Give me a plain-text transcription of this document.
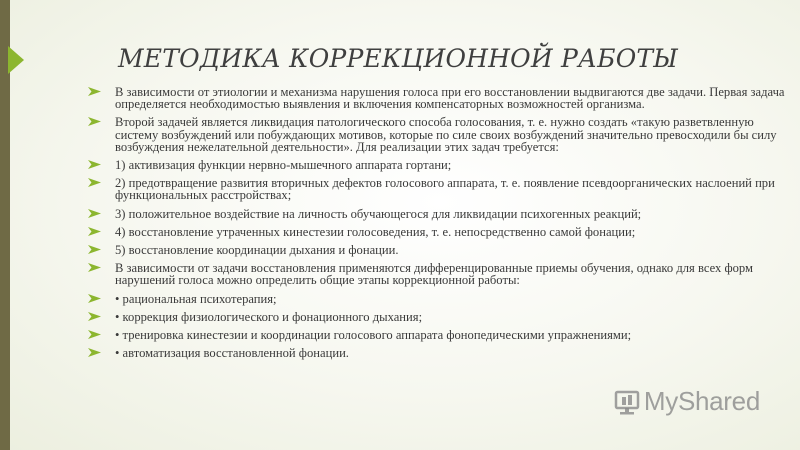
МЕТОДИКА КОРРЕКЦИОННОЙ РАБОТЫ
В зависимости от этиологии и механизма нарушения голоса при его восстановлении выдвигаются две задачи. Первая задача определяется необходимостью выявления и включения компенсаторных возможностей организма.
Второй задачей является ликвидация патологического способа голосования, т. е. нужно создать «такую разветвленную систему возбуждений или побуждающих мотивов, которые по силе своих возбуждений значительно превосходили бы силу возбуждения нежелательной деятельности». Для реализации этих задач требуется:
1) активизация функции нервно-мышечного аппарата гортани;
2) предотвращение развития вторичных дефектов голосового аппарата, т. е. появление псевдоорганических наслоений при функциональных расстройствах;
3) положительное воздействие на личность обучающегося для ликвидации психогенных реакций;
4) восстановление утраченных кинестезии голосоведения, т. е. непосредственно самой фонации;
5) восстановление координации дыхания и фонации.
В зависимости от задачи восстановления применяются дифференцированные приемы обучения, однако для всех форм нарушений голоса можно определить общие этапы коррекционной работы:
• рациональная психотерапия;
• коррекция физиологического и фонационного дыхания;
• тренировка кинестезии и координации голосового аппарата фонопедическими упражнениями;
• автоматизация восстановленной фонации.
MyShared
